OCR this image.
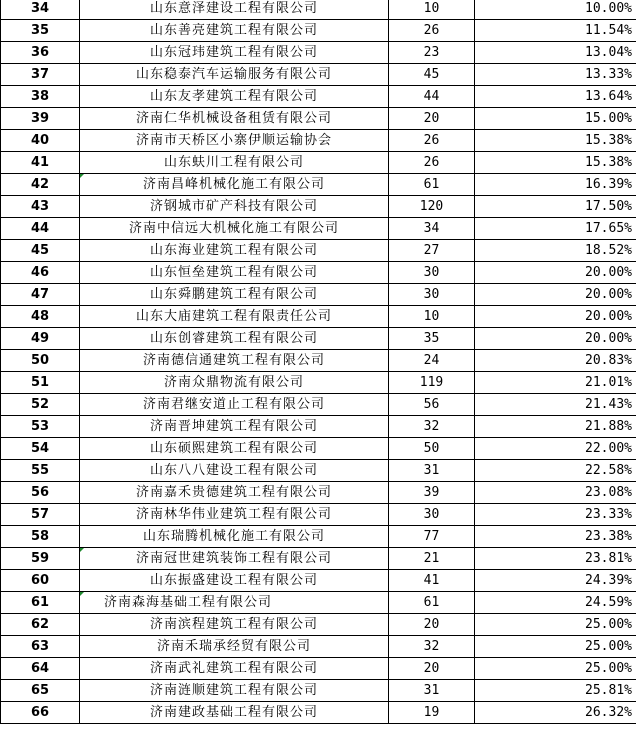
34	山东意泽建设工程有限公司	10	10.00%
35	山东善亮建筑工程有限公司	26	11.54%
36	山东冠玮建筑工程有限公司	23	13.04%
37	山东稳泰汽车运输服务有限公司	45	13.33%
38	山东友孝建筑工程有限公司	44	13.64%
39	济南仁华机械设备租赁有限公司	20	15.00%
40	济南市天桥区小寨伊顺运输协会	26	15.38%
41	山东蚨川工程有限公司	26	15.38%
42	济南昌峰机械化施工有限公司	61	16.39%
43	济钢城市矿产科技有限公司	120	17.50%
44	济南中信远大机械化施工有限公司	34	17.65%
45	山东海业建筑工程有限公司	27	18.52%
46	山东恒垒建筑工程有限公司	30	20.00%
47	山东舜鹏建筑工程有限公司	30	20.00%
48	山东大庙建筑工程有限责任公司	10	20.00%
49	山东创睿建筑工程有限公司	35	20.00%
50	济南德信通建筑工程有限公司	24	20.83%
51	济南众鼎物流有限公司	119	21.01%
52	济南君继安道止工程有限公司	56	21.43%
53	济南晋坤建筑工程有限公司	32	21.88%
54	山东硕熙建筑工程有限公司	50	22.00%
55	山东八八建设工程有限公司	31	22.58%
56	济南嘉禾贵德建筑工程有限公司	39	23.08%
57	济南林华伟业建筑工程有限公司	30	23.33%
58	山东瑞腾机械化施工有限公司	77	23.38%
59	济南冠世建筑装饰工程有限公司	21	23.81%
60	山东振盛建设工程有限公司	41	24.39%
61	济南森海基础工程有限公司	61	24.59%
62	济南滨程建筑工程有限公司	20	25.00%
63	济南禾瑞承经贸有限公司	32	25.00%
64	济南武礼建筑工程有限公司	20	25.00%
65	济南涟顺建筑工程有限公司	31	25.81%
66	济南建政基础工程有限公司	19	26.32%
